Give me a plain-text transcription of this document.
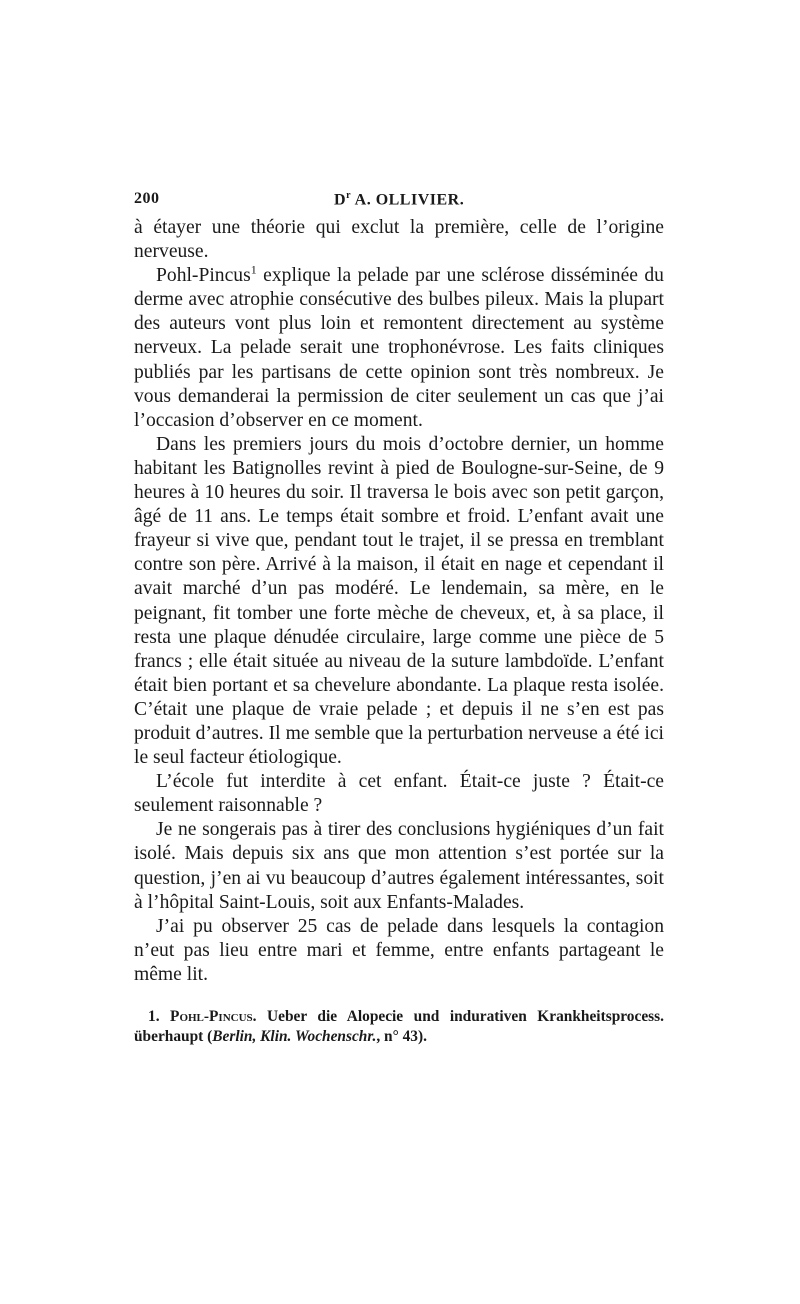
200	$D^r$ A. OLLIVIER.

à étayer une théorie qui exclut la première, celle de l’origine nerveuse.

Pohl-Pincus$^1$ explique la pelade par une sclérose disséminée du derme avec atrophie consécutive des bulbes pileux. Mais la plupart des auteurs vont plus loin et remontent directement au système nerveux. La pelade serait une trophonévrose. Les faits cliniques publiés par les partisans de cette opinion sont très nombreux. Je vous demanderai la permission de citer seulement un cas que j’ai l’occasion d’observer en ce moment.

Dans les premiers jours du mois d’octobre dernier, un homme habitant les Batignolles revint à pied de Boulogne-sur-Seine, de 9 heures à 10 heures du soir. Il traversa le bois avec son petit garçon, âgé de 11 ans. Le temps était sombre et froid. L’enfant avait une frayeur si vive que, pendant tout le trajet, il se pressa en tremblant contre son père. Arrivé à la maison, il était en nage et cependant il avait marché d’un pas modéré. Le lendemain, sa mère, en le peignant, fit tomber une forte mèche de cheveux, et, à sa place, il resta une plaque dénudée circulaire, large comme une pièce de 5 francs ; elle était située au niveau de la suture lambdoïde. L’enfant était bien portant et sa chevelure abondante. La plaque resta isolée. C’était une plaque de vraie pelade ; et depuis il ne s’en est pas produit d’autres. Il me semble que la perturbation nerveuse a été ici le seul facteur étiologique.

L’école fut interdite à cet enfant. Était-ce juste ? Était-ce seulement raisonnable ?

Je ne songerais pas à tirer des conclusions hygiéniques d’un fait isolé. Mais depuis six ans que mon attention s’est portée sur la question, j’en ai vu beaucoup d’autres également intéressantes, soit à l’hôpital Saint-Louis, soit aux Enfants-Malades.

J’ai pu observer 25 cas de pelade dans lesquels la contagion n’eut pas lieu entre mari et femme, entre enfants partageant le même lit.

1. Pohl-Pincus. Ueber die Alopecie und indurativen Krankheitsprocess. überhaupt (Berlin, Klin. Wochenschr., n° 43).
